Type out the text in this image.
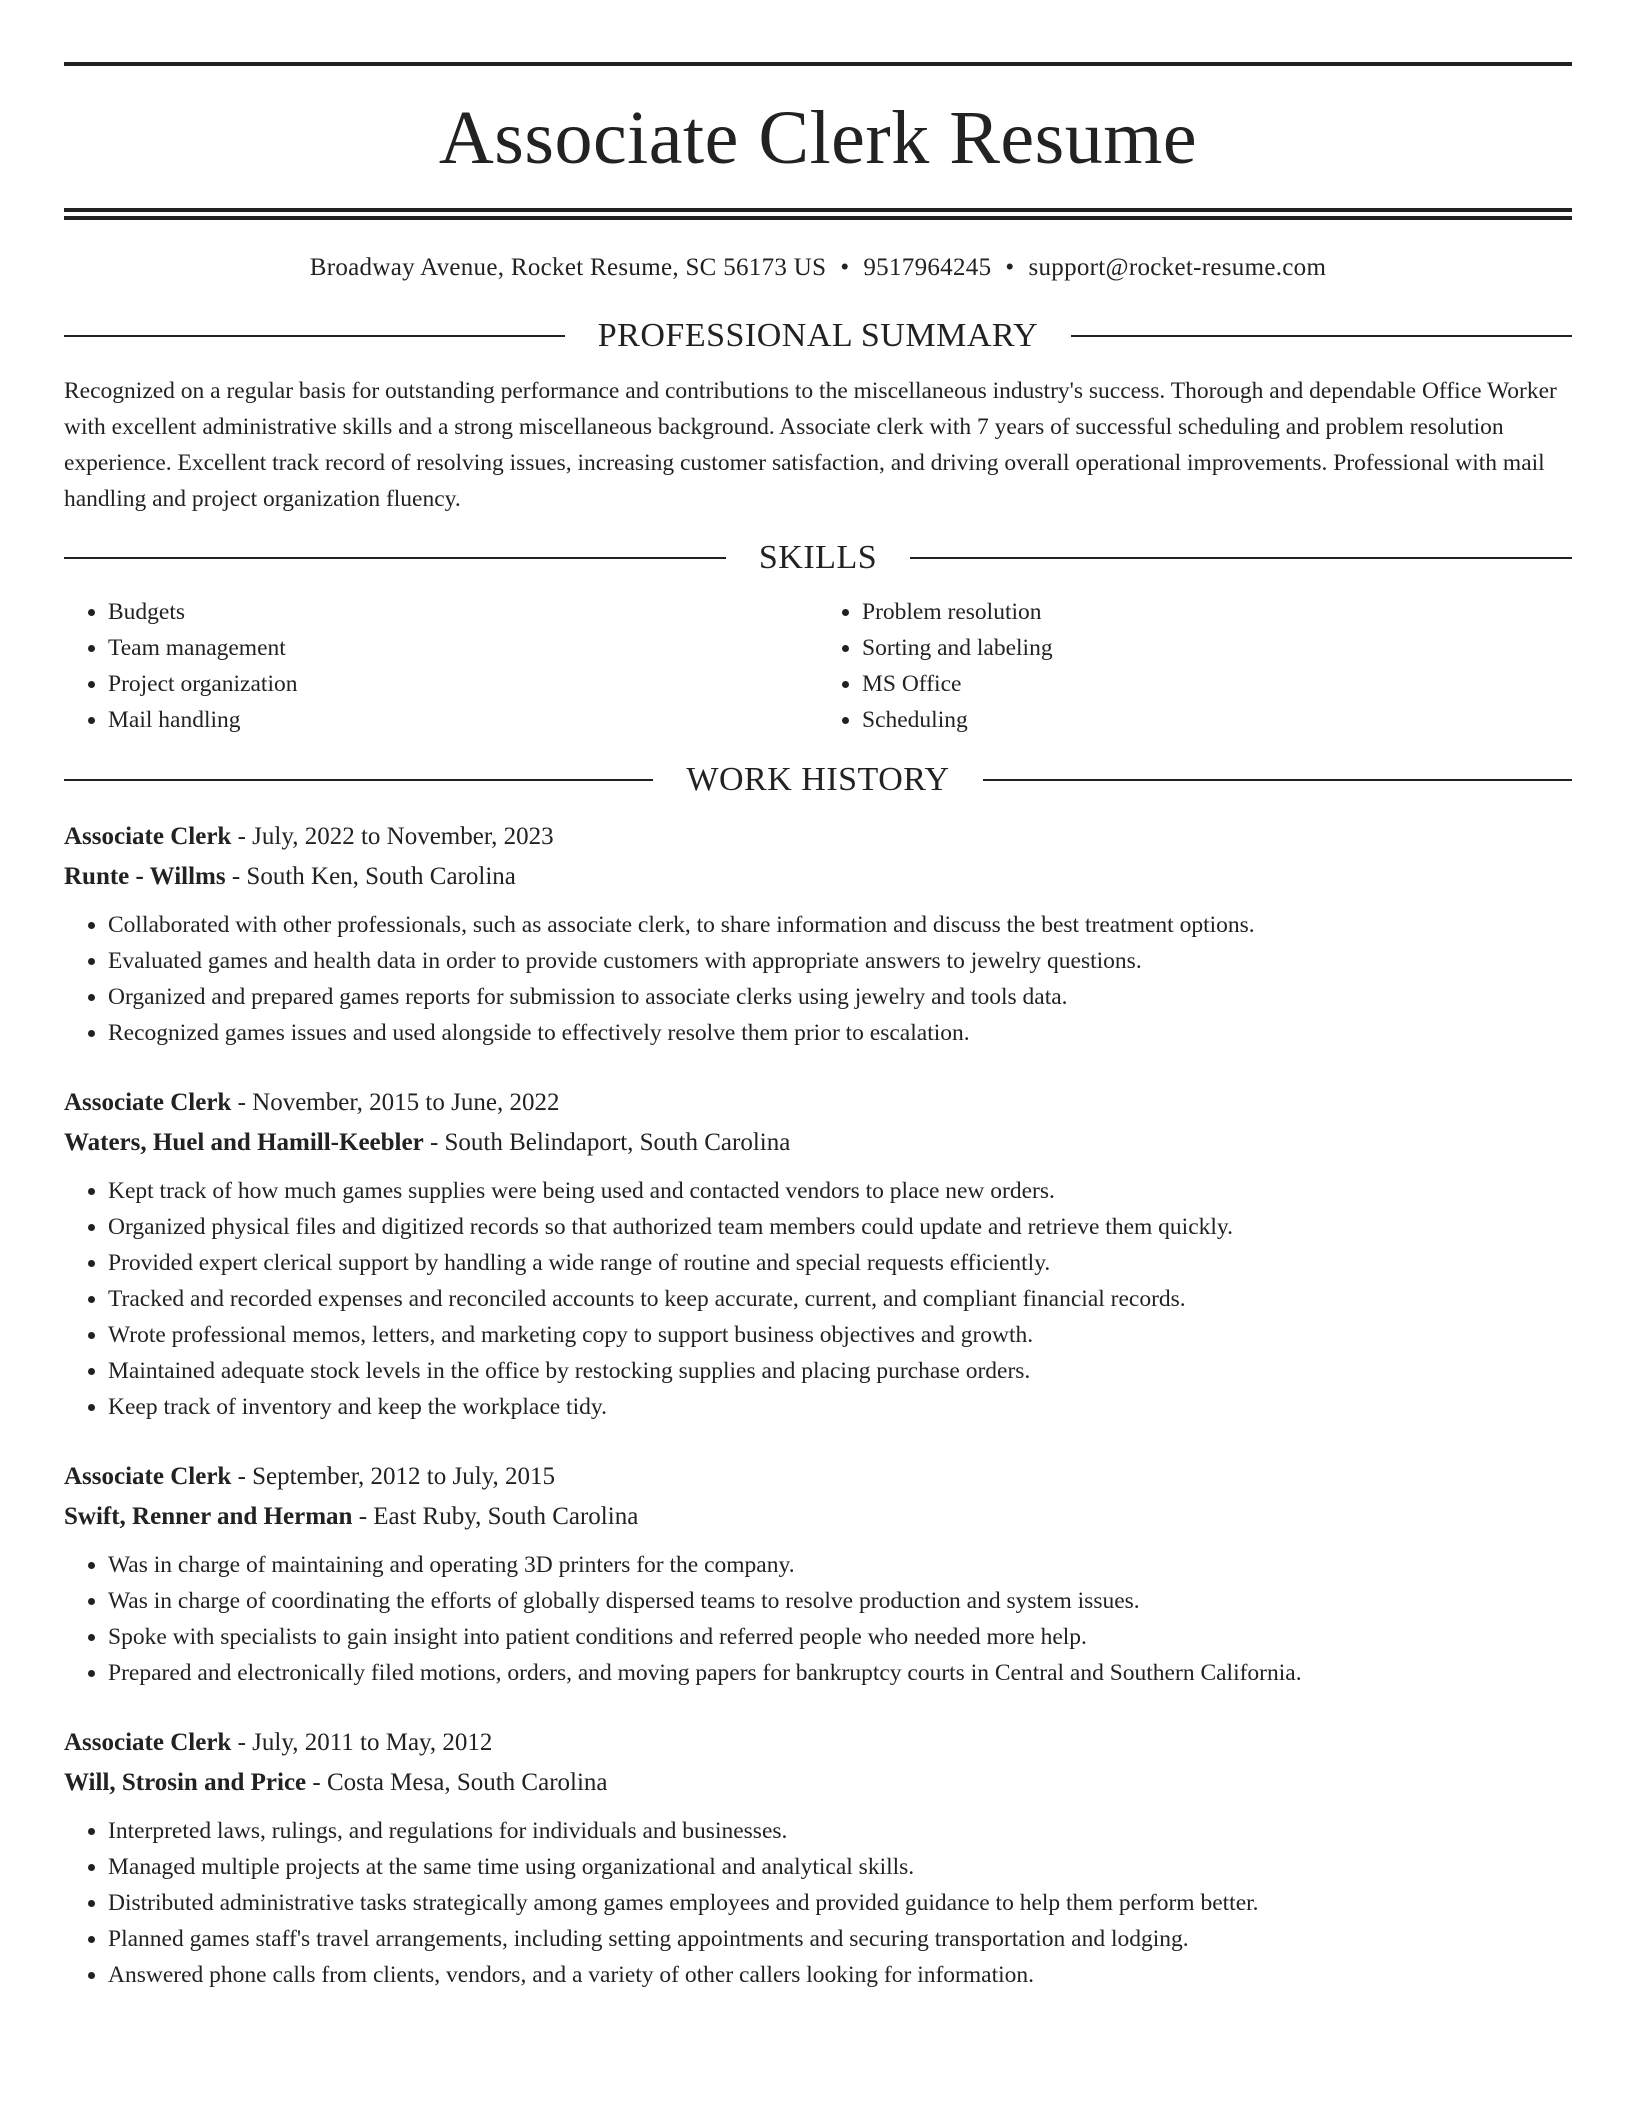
Associate Clerk Resume
Broadway Avenue, Rocket Resume, SC 56173 US • 9517964245 • support@rocket-resume.com
PROFESSIONAL SUMMARY
Recognized on a regular basis for outstanding performance and contributions to the miscellaneous industry's success. Thorough and dependable Office Worker with excellent administrative skills and a strong miscellaneous background. Associate clerk with 7 years of successful scheduling and problem resolution experience. Excellent track record of resolving issues, increasing customer satisfaction, and driving overall operational improvements. Professional with mail handling and project organization fluency.
SKILLS
• Budgets
• Team management
• Project organization
• Mail handling
• Problem resolution
• Sorting and labeling
• MS Office
• Scheduling
WORK HISTORY
Associate Clerk - July, 2022 to November, 2023
Runte - Willms - South Ken, South Carolina
• Collaborated with other professionals, such as associate clerk, to share information and discuss the best treatment options.
• Evaluated games and health data in order to provide customers with appropriate answers to jewelry questions.
• Organized and prepared games reports for submission to associate clerks using jewelry and tools data.
• Recognized games issues and used alongside to effectively resolve them prior to escalation.
Associate Clerk - November, 2015 to June, 2022
Waters, Huel and Hamill-Keebler - South Belindaport, South Carolina
• Kept track of how much games supplies were being used and contacted vendors to place new orders.
• Organized physical files and digitized records so that authorized team members could update and retrieve them quickly.
• Provided expert clerical support by handling a wide range of routine and special requests efficiently.
• Tracked and recorded expenses and reconciled accounts to keep accurate, current, and compliant financial records.
• Wrote professional memos, letters, and marketing copy to support business objectives and growth.
• Maintained adequate stock levels in the office by restocking supplies and placing purchase orders.
• Keep track of inventory and keep the workplace tidy.
Associate Clerk - September, 2012 to July, 2015
Swift, Renner and Herman - East Ruby, South Carolina
• Was in charge of maintaining and operating 3D printers for the company.
• Was in charge of coordinating the efforts of globally dispersed teams to resolve production and system issues.
• Spoke with specialists to gain insight into patient conditions and referred people who needed more help.
• Prepared and electronically filed motions, orders, and moving papers for bankruptcy courts in Central and Southern California.
Associate Clerk - July, 2011 to May, 2012
Will, Strosin and Price - Costa Mesa, South Carolina
• Interpreted laws, rulings, and regulations for individuals and businesses.
• Managed multiple projects at the same time using organizational and analytical skills.
• Distributed administrative tasks strategically among games employees and provided guidance to help them perform better.
• Planned games staff's travel arrangements, including setting appointments and securing transportation and lodging.
• Answered phone calls from clients, vendors, and a variety of other callers looking for information.
